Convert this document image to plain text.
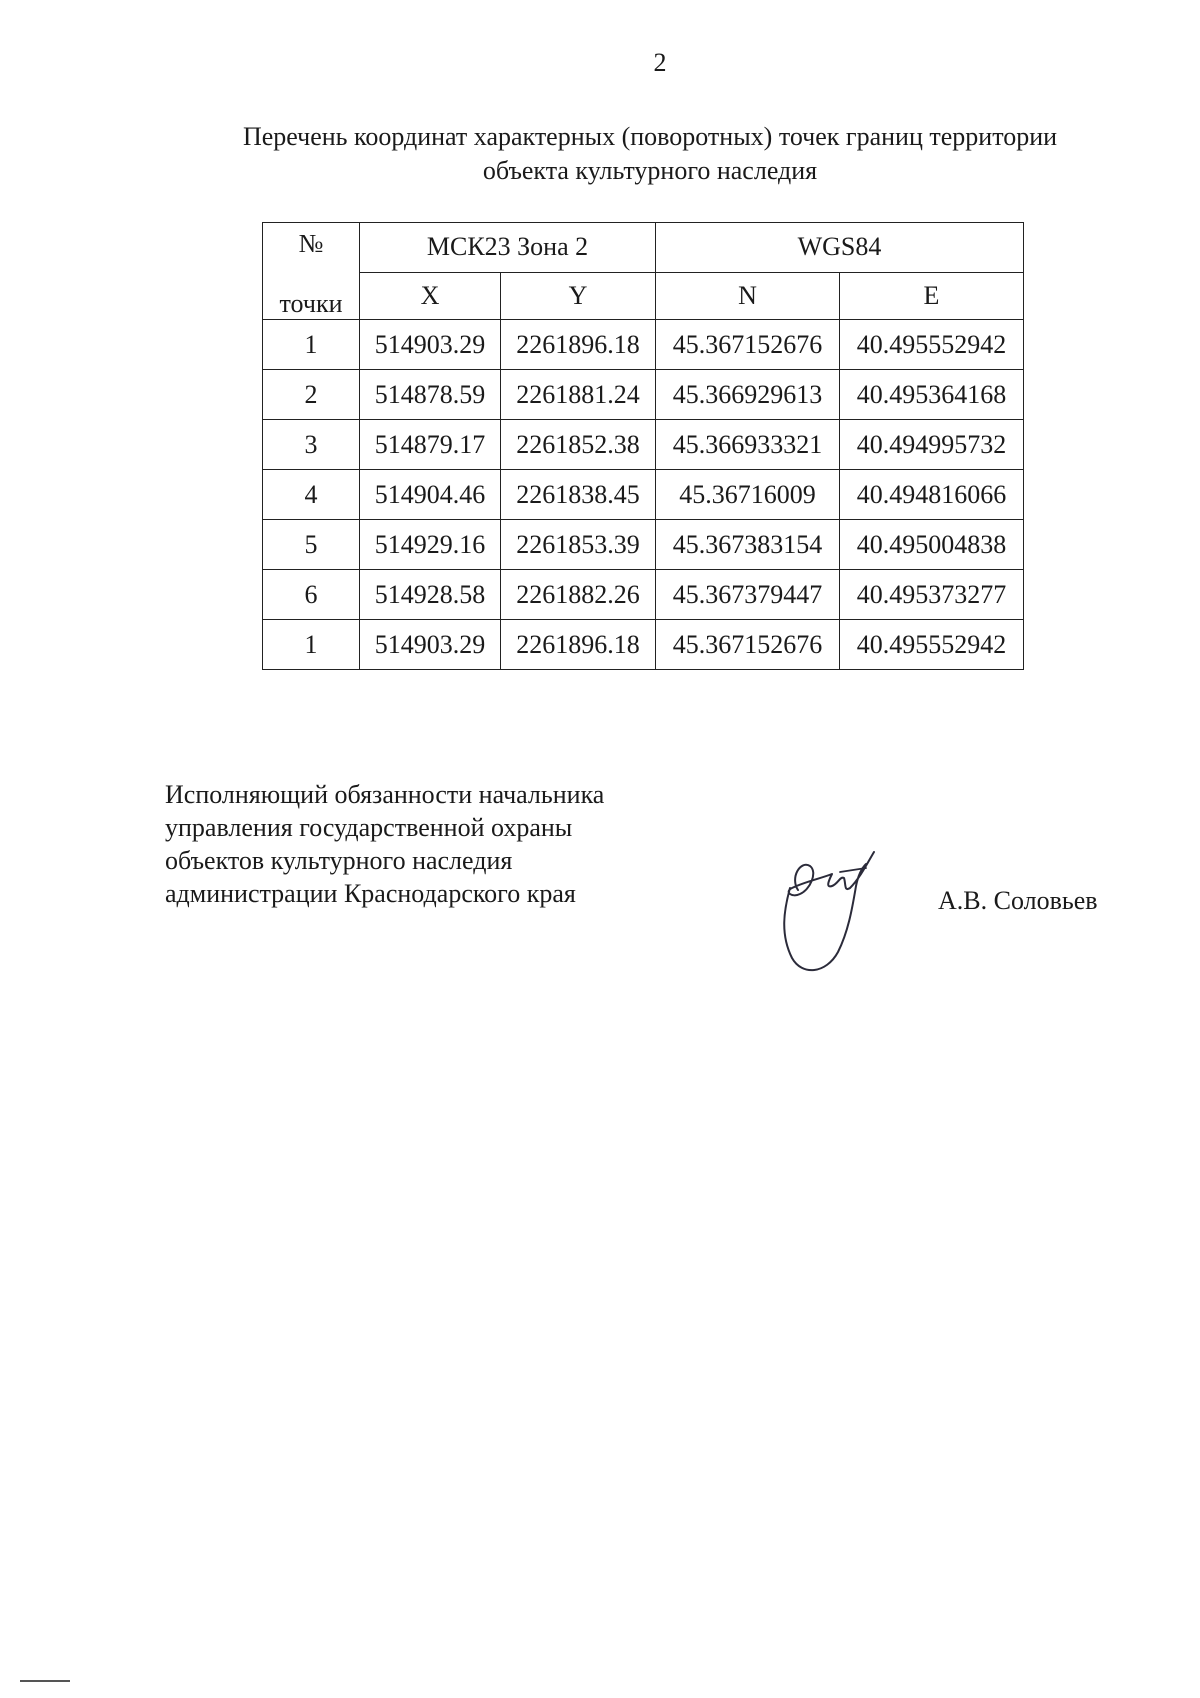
2
Перечень координат характерных (поворотных) точек границ территории
объекта культурного наследия
№
точки	МСК23 Зона 2		WGS84	
	X	Y	N	E
1	514903.29	2261896.18	45.367152676	40.495552942
2	514878.59	2261881.24	45.366929613	40.495364168
3	514879.17	2261852.38	45.366933321	40.494995732
4	514904.46	2261838.45	45.36716009	40.494816066
5	514929.16	2261853.39	45.367383154	40.495004838
6	514928.58	2261882.26	45.367379447	40.495373277
1	514903.29	2261896.18	45.367152676	40.495552942
Исполняющий обязанности начальника
управления государственной охраны
объектов культурного наследия
администрации Краснодарского края	А.В. Соловьев
